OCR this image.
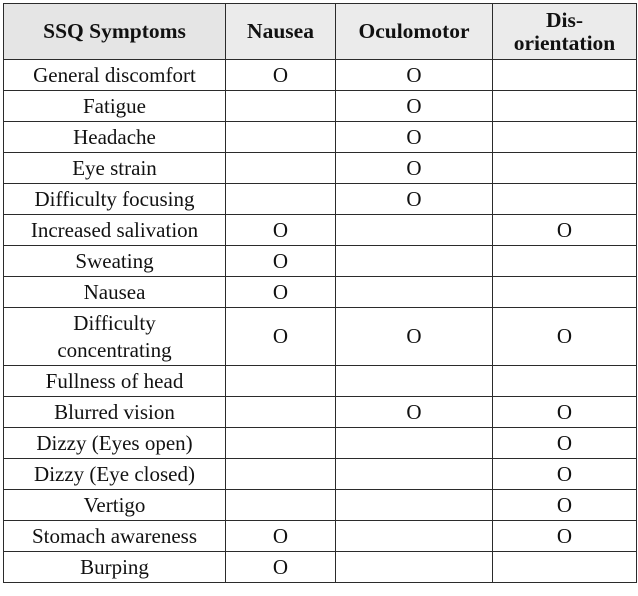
SSQ Symptoms	Nausea	Oculomotor	Dis-
orientation
General discomfort	O	O	
Fatigue		O	
Headache		O	
Eye strain		O	
Difficulty focusing		O	
Increased salivation	O		O
Sweating	O		
Nausea	O		
Difficulty
concentrating	O	O	O
Fullness of head			
Blurred vision		O	O
Dizzy (Eyes open)			O
Dizzy (Eye closed)			O
Vertigo			O
Stomach awareness	O		O
Burping	O		
